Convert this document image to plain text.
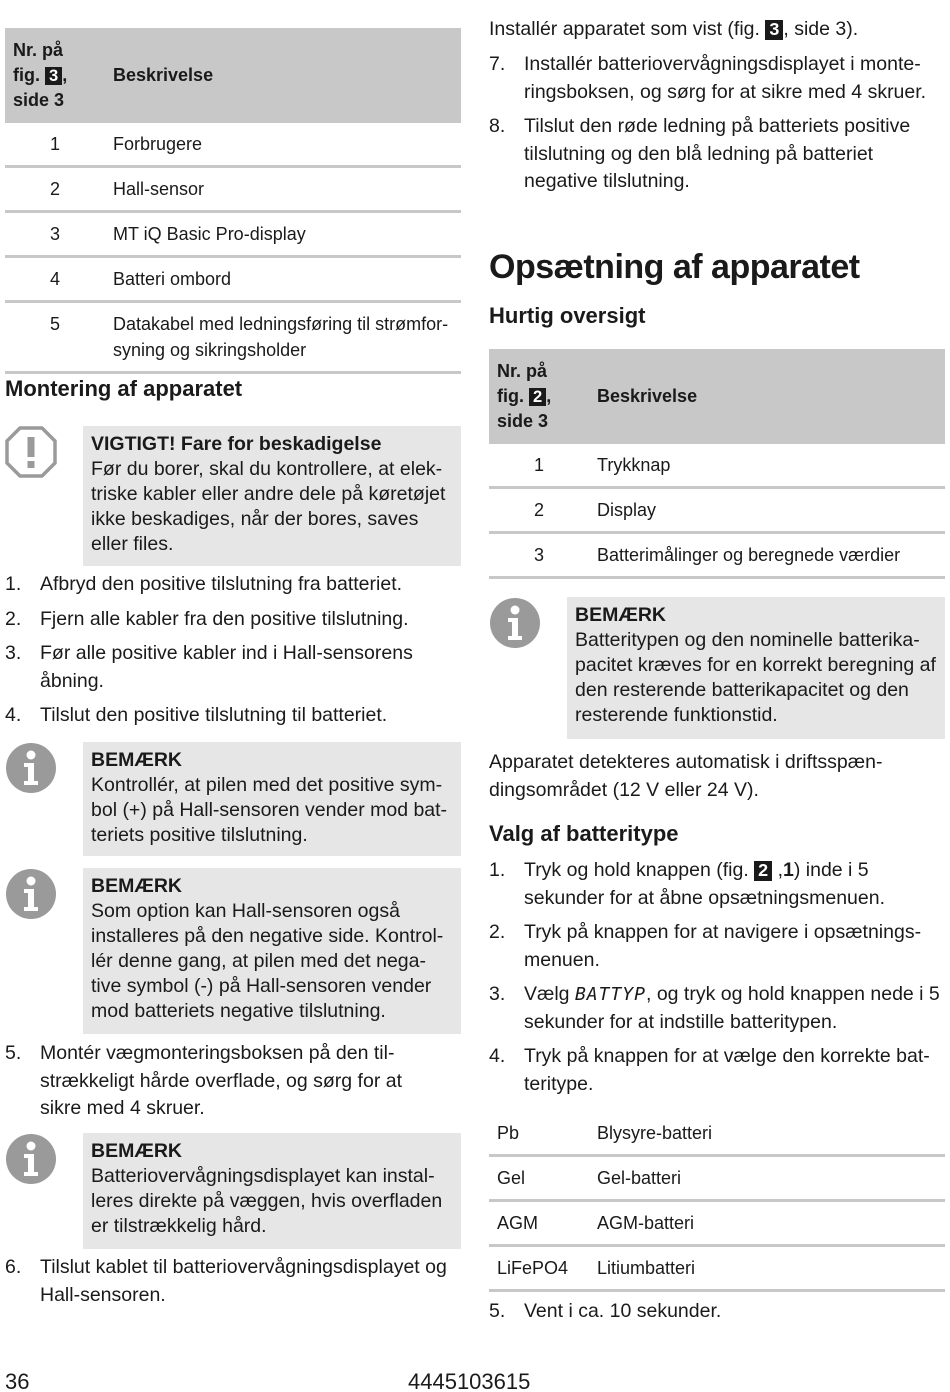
Nr. på
fig. 3 ,
side 3	Beskrivelse
1	Forbrugere
2	Hall-sensor
3	MT iQ Basic Pro-display
4	Batteri ombord
5	Datakabel med ledningsføring til strømfor-syning og sikringsholder
Montering af apparatet
VIGTIGT! Fare for beskadigelse
Før du borer, skal du kontrollere, at elek-triske kabler eller andre dele på køretøjet ikke beskadiges, når der bores, saves eller files.
1. Afbryd den positive tilslutning fra batteriet.
2. Fjern alle kabler fra den positive tilslutning.
3. Før alle positive kabler ind i Hall-sensorens åbning.
4. Tilslut den positive tilslutning til batteriet.
BEMÆRK
Kontrollér, at pilen med det positive sym-bol (+) på Hall-sensoren vender mod bat-teriets positive tilslutning.
BEMÆRK
Som option kan Hall-sensoren også installeres på den negative side. Kontrol-lér denne gang, at pilen med det nega-tive symbol (-) på Hall-sensoren vender mod batteriets negative tilslutning.
5. Montér vægmonteringsboksen på den til-strækkeligt hårde overflade, og sørg for at sikre med 4 skruer.
BEMÆRK
Batteriovervågningsdisplayet kan instal-leres direkte på væggen, hvis overfladen er tilstrækkelig hård.
6. Tilslut kablet til batteriovervågningsdisplayet og Hall-sensoren.
Installér apparatet som vist (fig. 3 , side 3).
7. Installér batteriovervågningsdisplayet i monte-ringsboksen, og sørg for at sikre med 4 skruer.
8. Tilslut den røde ledning på batteriets positive tilslutning og den blå ledning på batteriet negative tilslutning.
Opsætning af apparatet
Hurtig oversigt
Nr. på
fig. 2 ,
side 3	Beskrivelse
1	Trykknap
2	Display
3	Batterimålinger og beregnede værdier
BEMÆRK
Batteritypen og den nominelle batterika-pacitet kræves for en korrekt beregning af den resterende batterikapacitet og den resterende funktionstid.
Apparatet detekteres automatisk i driftsspæn-dingsområdet (12 V eller 24 V).
Valg af batteritype
1. Tryk og hold knappen (fig. 2 ,1) inde i 5 sekunder for at åbne opsætningsmenuen.
2. Tryk på knappen for at navigere i opsætnings-menuen.
3. Vælg BATTYP, og tryk og hold knappen nede i 5 sekunder for at indstille batteritypen.
4. Tryk på knappen for at vælge den korrekte bat-teritype.
Pb	Blysyre-batteri
Gel	Gel-batteri
AGM	AGM-batteri
LiFePO4	Litiumbatteri
5. Vent i ca. 10 sekunder.
36	4445103615
